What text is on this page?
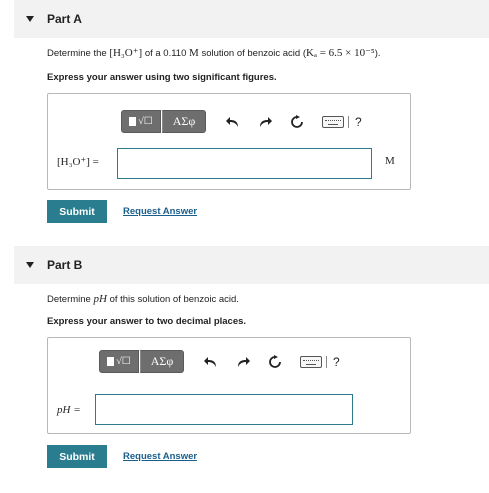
Part A
Determine the [H₃O⁺] of a 0.110 M solution of benzoic acid (Kₐ = 6.5 × 10⁻⁵).
Express your answer using two significant figures.
√☐	ΑΣφ	?
[H₃O⁺] =	M
Submit	Request Answer
Part B
Determine pH of this solution of benzoic acid.
Express your answer to two decimal places.
√☐	ΑΣφ	?
pH =
Submit	Request Answer
